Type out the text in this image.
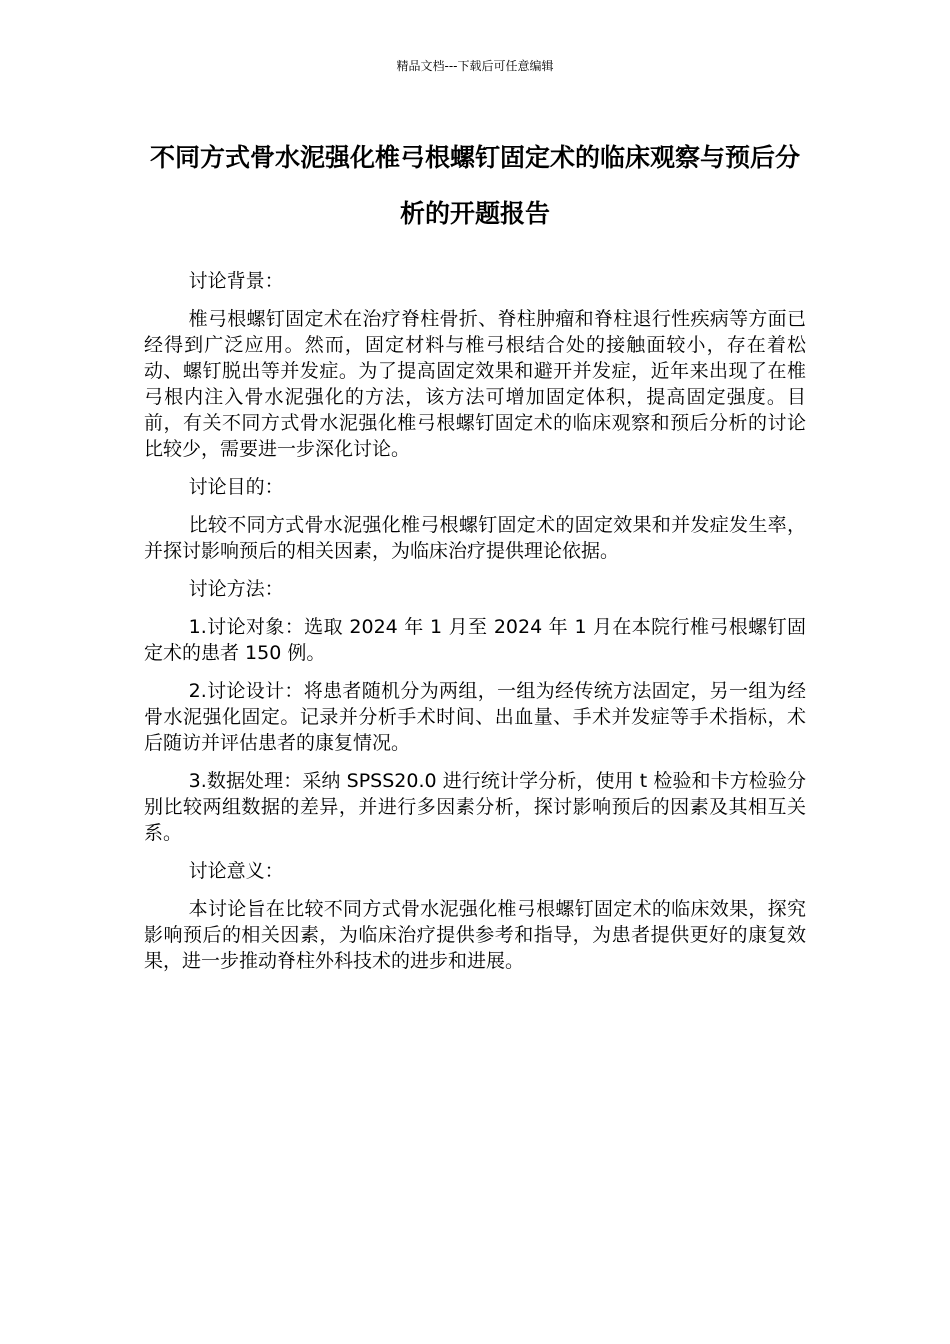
精品文档---下载后可任意编辑
不同方式骨水泥强化椎弓根螺钉固定术的临床观察与预后分析的开题报告

讨论背景：

椎弓根螺钉固定术在治疗脊柱骨折、脊柱肿瘤和脊柱退行性疾病等方面已经得到广泛应用。然而，固定材料与椎弓根结合处的接触面较小，存在着松动、螺钉脱出等并发症。为了提高固定效果和避开并发症，近年来出现了在椎弓根内注入骨水泥强化的方法，该方法可增加固定体积，提高固定强度。目前，有关不同方式骨水泥强化椎弓根螺钉固定术的临床观察和预后分析的讨论比较少，需要进一步深化讨论。

讨论目的：

比较不同方式骨水泥强化椎弓根螺钉固定术的固定效果和并发症发生率，并探讨影响预后的相关因素，为临床治疗提供理论依据。

讨论方法：

1.讨论对象：选取 2024 年 1 月至 2024 年 1 月在本院行椎弓根螺钉固定术的患者 150 例。

2.讨论设计：将患者随机分为两组，一组为经传统方法固定，另一组为经骨水泥强化固定。记录并分析手术时间、出血量、手术并发症等手术指标，术后随访并评估患者的康复情况。

3.数据处理：采纳 SPSS20.0 进行统计学分析，使用 t 检验和卡方检验分别比较两组数据的差异，并进行多因素分析，探讨影响预后的因素及其相互关系。

讨论意义：

本讨论旨在比较不同方式骨水泥强化椎弓根螺钉固定术的临床效果，探究影响预后的相关因素，为临床治疗提供参考和指导，为患者提供更好的康复效果，进一步推动脊柱外科技术的进步和进展。
